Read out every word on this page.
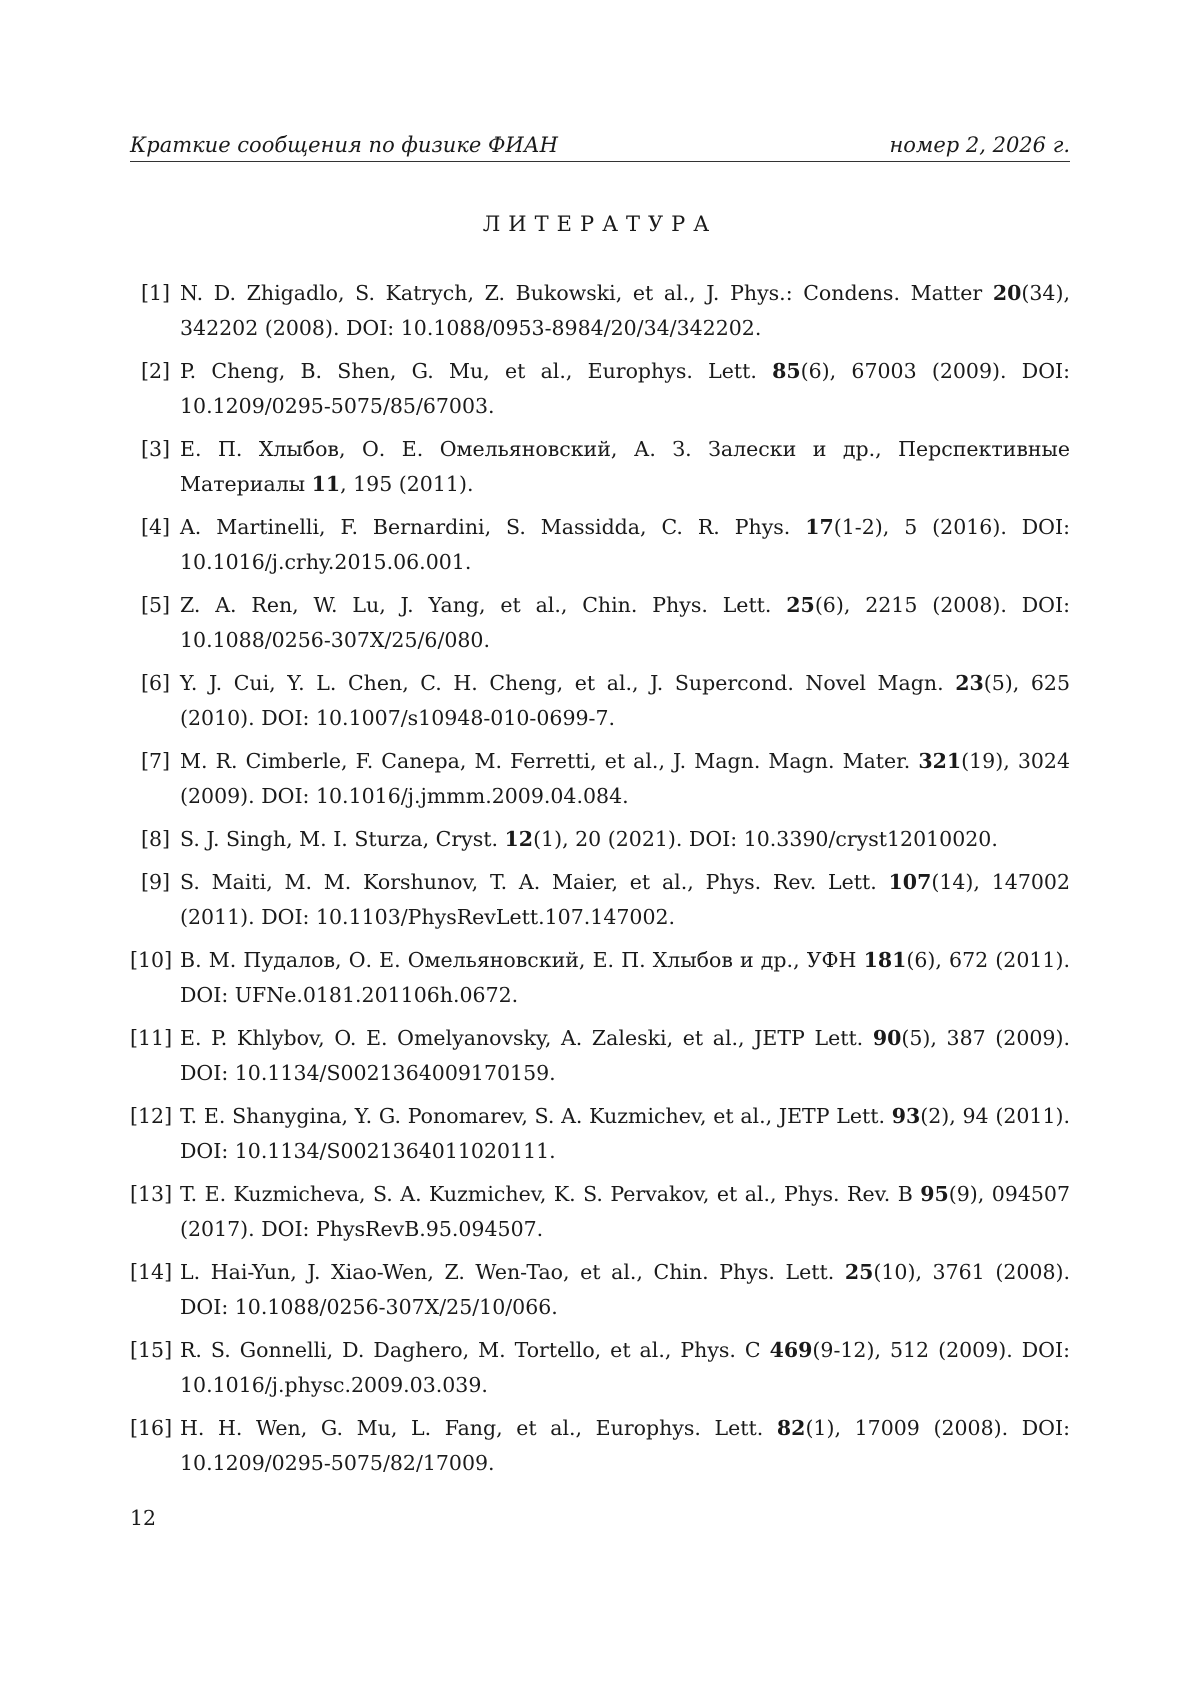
Краткие сообщения по физике ФИАН	номер 2, 2026 г.
ЛИТЕРАТУРА
[1] N. D. Zhigadlo, S. Katrych, Z. Bukowski, et al., J. Phys.: Condens. Matter 20(34), 342202 (2008). DOI: 10.1088/0953-8984/20/34/342202.
[2] P. Cheng, B. Shen, G. Mu, et al., Europhys. Lett. 85(6), 67003 (2009). DOI: 10.1209/0295-5075/85/67003.
[3] Е. П. Хлыбов, О. Е. Омельяновский, А. З. Залески и др., Перспективные Материалы 11, 195 (2011).
[4] A. Martinelli, F. Bernardini, S. Massidda, C. R. Phys. 17(1-2), 5 (2016). DOI: 10.1016/j.crhy.2015.06.001.
[5] Z. A. Ren, W. Lu, J. Yang, et al., Chin. Phys. Lett. 25(6), 2215 (2008). DOI: 10.1088/0256-307X/25/6/080.
[6] Y. J. Cui, Y. L. Chen, C. H. Cheng, et al., J. Supercond. Novel Magn. 23(5), 625 (2010). DOI: 10.1007/s10948-010-0699-7.
[7] M. R. Cimberle, F. Canepa, M. Ferretti, et al., J. Magn. Magn. Mater. 321(19), 3024 (2009). DOI: 10.1016/j.jmmm.2009.04.084.
[8] S. J. Singh, M. I. Sturza, Cryst. 12(1), 20 (2021). DOI: 10.3390/cryst12010020.
[9] S. Maiti, M. M. Korshunov, T. A. Maier, et al., Phys. Rev. Lett. 107(14), 147002 (2011). DOI: 10.1103/PhysRevLett.107.147002.
[10] В. М. Пудалов, О. Е. Омельяновский, Е. П. Хлыбов и др., УФН 181(6), 672 (2011). DOI: UFNe.0181.201106h.0672.
[11] E. P. Khlybov, O. E. Omelyanovsky, A. Zaleski, et al., JETP Lett. 90(5), 387 (2009). DOI: 10.1134/S0021364009170159.
[12] T. E. Shanygina, Y. G. Ponomarev, S. A. Kuzmichev, et al., JETP Lett. 93(2), 94 (2011). DOI: 10.1134/S0021364011020111.
[13] T. E. Kuzmicheva, S. A. Kuzmichev, K. S. Pervakov, et al., Phys. Rev. B 95(9), 094507 (2017). DOI: PhysRevB.95.094507.
[14] L. Hai-Yun, J. Xiao-Wen, Z. Wen-Tao, et al., Chin. Phys. Lett. 25(10), 3761 (2008). DOI: 10.1088/0256-307X/25/10/066.
[15] R. S. Gonnelli, D. Daghero, M. Tortello, et al., Phys. C 469(9-12), 512 (2009). DOI: 10.1016/j.physc.2009.03.039.
[16] H. H. Wen, G. Mu, L. Fang, et al., Europhys. Lett. 82(1), 17009 (2008). DOI: 10.1209/0295-5075/82/17009.
12
